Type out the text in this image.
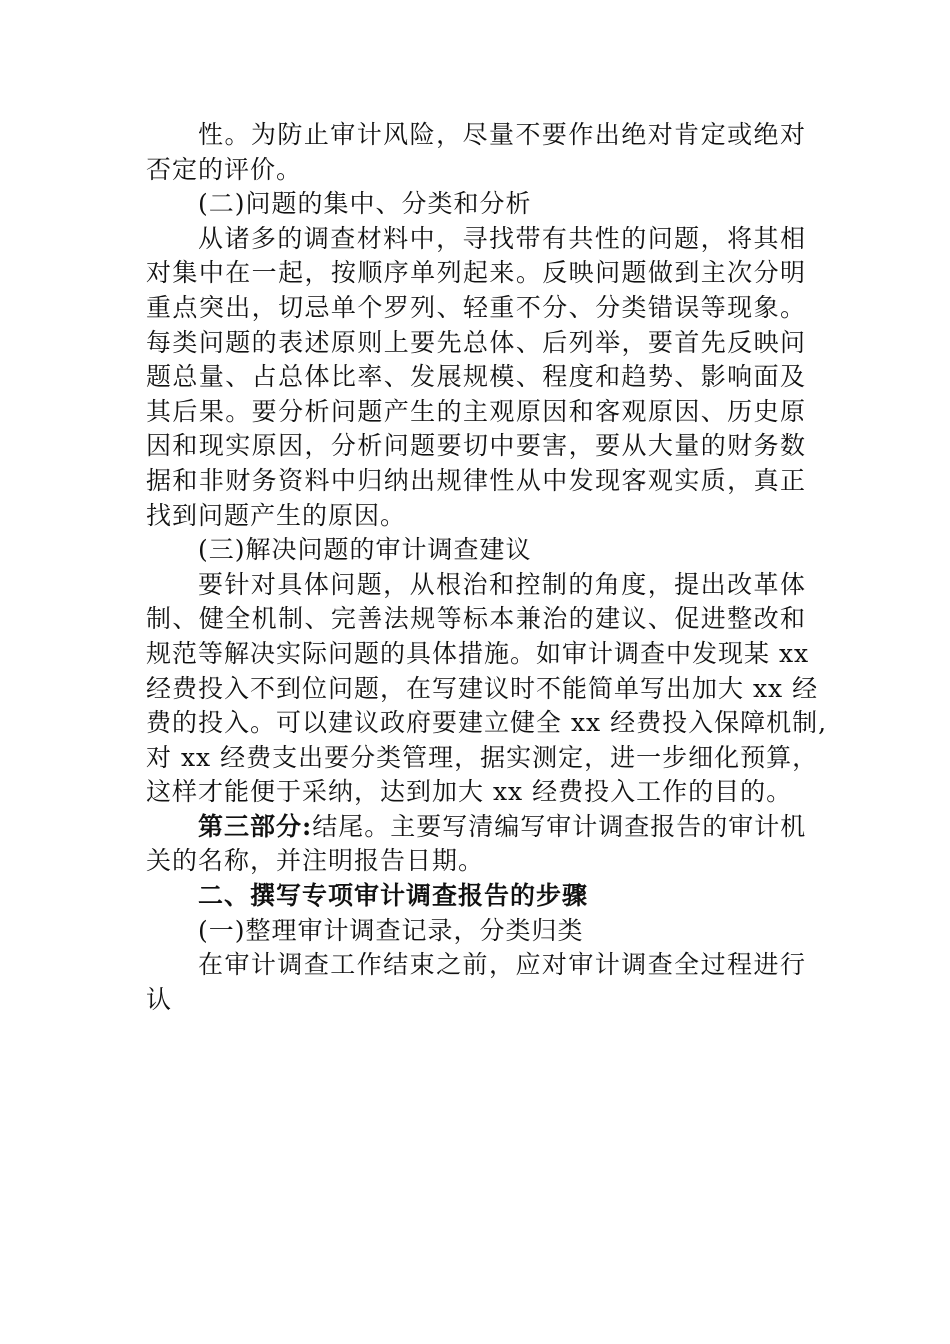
性。为防止审计风险，尽量不要作出绝对肯定或绝对
否定的评价。
(二)问题的集中、分类和分析
从诸多的调查材料中，寻找带有共性的问题，将其相
对集中在一起，按顺序单列起来。反映问题做到主次分明
重点突出，切忌单个罗列、轻重不分、分类错误等现象。
每类问题的表述原则上要先总体、后列举，要首先反映问
题总量、占总体比率、发展规模、程度和趋势、影响面及
其后果。要分析问题产生的主观原因和客观原因、历史原
因和现实原因，分析问题要切中要害，要从大量的财务数
据和非财务资料中归纳出规律性从中发现客观实质，真正
找到问题产生的原因。
(三)解决问题的审计调查建议
要针对具体问题，从根治和控制的角度，提出改革体
制、健全机制、完善法规等标本兼治的建议、促进整改和
规范等解决实际问题的具体措施。如审计调查中发现某 xx
经费投入不到位问题，在写建议时不能简单写出加大 xx 经
费的投入。可以建议政府要建立健全 xx 经费投入保障机制,
对 xx 经费支出要分类管理，据实测定，进一步细化预算，
这样才能便于采纳，达到加大 xx 经费投入工作的目的。
第三部分:结尾。主要写清编写审计调查报告的审计机
关的名称，并注明报告日期。
二、撰写专项审计调查报告的步骤
(一)整理审计调查记录，分类归类
在审计调查工作结束之前，应对审计调查全过程进行
认
